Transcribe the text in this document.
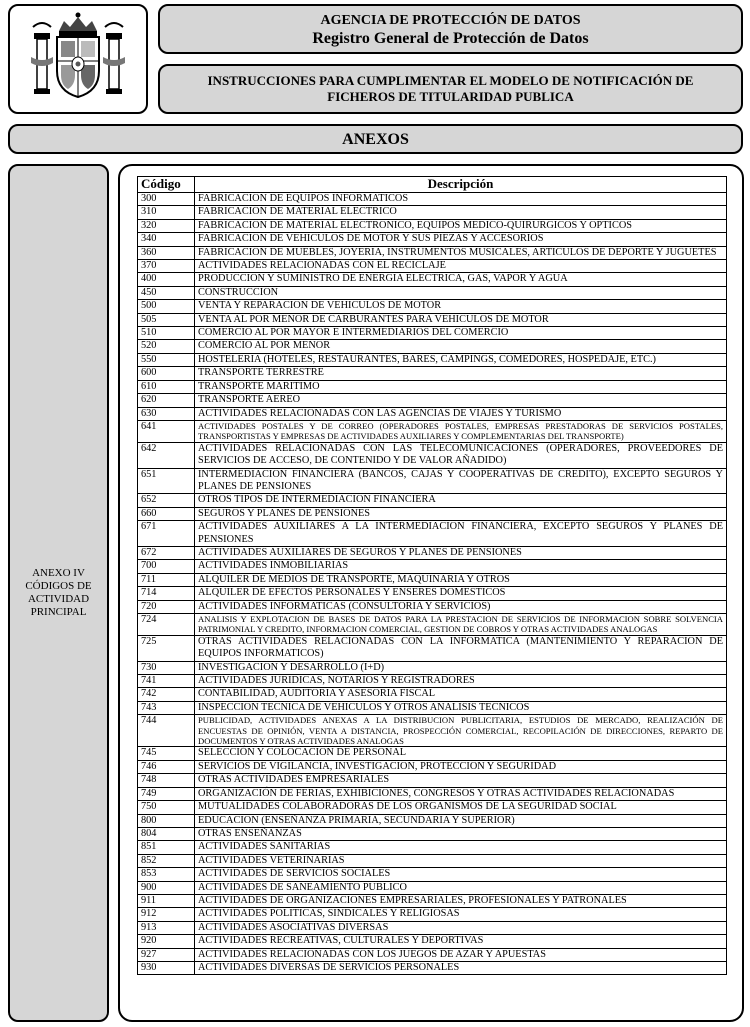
AGENCIA DE PROTECCIÓN DE DATOS
Registro General de Protección de Datos
INSTRUCCIONES PARA CUMPLIMENTAR EL MODELO DE NOTIFICACIÓN DE
FICHEROS DE TITULARIDAD PUBLICA
ANEXOS
ANEXO IV
CÓDIGOS DE
ACTIVIDAD
PRINCIPAL
Código	Descripción
300	FABRICACION DE EQUIPOS INFORMATICOS
310	FABRICACION DE MATERIAL ELECTRICO
320	FABRICACION DE MATERIAL ELECTRONICO, EQUIPOS MEDICO-QUIRURGICOS Y OPTICOS
340	FABRICACION DE VEHICULOS DE MOTOR Y SUS PIEZAS Y ACCESORIOS
360	FABRICACION DE MUEBLES, JOYERIA, INSTRUMENTOS MUSICALES, ARTICULOS DE DEPORTE Y JUGUETES
370	ACTIVIDADES RELACIONADAS CON EL RECICLAJE
400	PRODUCCION Y SUMINISTRO DE ENERGIA ELECTRICA, GAS, VAPOR Y AGUA
450	CONSTRUCCION
500	VENTA Y REPARACION DE VEHICULOS DE MOTOR
505	VENTA AL POR MENOR DE CARBURANTES PARA VEHICULOS DE MOTOR
510	COMERCIO AL POR MAYOR E INTERMEDIARIOS DEL COMERCIO
520	COMERCIO AL POR MENOR
550	HOSTELERIA (HOTELES, RESTAURANTES, BARES, CAMPINGS, COMEDORES, HOSPEDAJE, ETC.)
600	TRANSPORTE TERRESTRE
610	TRANSPORTE MARITIMO
620	TRANSPORTE AEREO
630	ACTIVIDADES RELACIONADAS CON LAS AGENCIAS DE VIAJES Y TURISMO
641	ACTIVIDADES POSTALES Y DE CORREO (OPERADORES POSTALES, EMPRESAS PRESTADORAS DE SERVICIOS POSTALES, TRANSPORTISTAS Y EMPRESAS DE ACTIVIDADES AUXILIARES Y COMPLEMENTARIAS DEL TRANSPORTE)
642	ACTIVIDADES RELACIONADAS CON LAS TELECOMUNICACIONES (OPERADORES, PROVEEDORES DE SERVICIOS DE ACCESO, DE CONTENIDO Y DE VALOR AÑADIDO)
651	INTERMEDIACION FINANCIERA (BANCOS, CAJAS Y COOPERATIVAS DE CREDITO), EXCEPTO SEGUROS Y PLANES DE PENSIONES
652	OTROS TIPOS DE INTERMEDIACION FINANCIERA
660	SEGUROS Y PLANES DE PENSIONES
671	ACTIVIDADES AUXILIARES A LA INTERMEDIACION FINANCIERA, EXCEPTO SEGUROS Y PLANES DE PENSIONES
672	ACTIVIDADES AUXILIARES DE SEGUROS Y PLANES DE PENSIONES
700	ACTIVIDADES INMOBILIARIAS
711	ALQUILER DE MEDIOS DE TRANSPORTE, MAQUINARIA Y OTROS
714	ALQUILER DE EFECTOS PERSONALES Y ENSERES DOMESTICOS
720	ACTIVIDADES INFORMATICAS (CONSULTORIA Y SERVICIOS)
724	ANALISIS Y EXPLOTACION DE BASES DE DATOS PARA LA PRESTACION DE SERVICIOS DE INFORMACION SOBRE SOLVENCIA PATRIMONIAL Y CREDITO, INFORMACION COMERCIAL, GESTION DE COBROS Y OTRAS ACTIVIDADES ANALOGAS
725	OTRAS ACTIVIDADES RELACIONADAS CON LA INFORMATICA (MANTENIMIENTO Y REPARACION DE EQUIPOS INFORMATICOS)
730	INVESTIGACION Y DESARROLLO (I+D)
741	ACTIVIDADES JURIDICAS, NOTARIOS Y REGISTRADORES
742	CONTABILIDAD, AUDITORIA Y ASESORIA FISCAL
743	INSPECCION TECNICA DE VEHICULOS Y OTROS ANALISIS TECNICOS
744	PUBLICIDAD, ACTIVIDADES ANEXAS A LA DISTRIBUCION PUBLICITARIA, ESTUDIOS DE MERCADO, REALIZACIÓN DE ENCUESTAS DE OPINIÓN, VENTA A DISTANCIA, PROSPECCIÓN COMERCIAL, RECOPILACIÓN DE DIRECCIONES, REPARTO DE DOCUMENTOS Y OTRAS ACTIVIDADES ANALOGAS
745	SELECCIÓN Y COLOCACION DE PERSONAL
746	SERVICIOS DE VIGILANCIA, INVESTIGACION, PROTECCION Y SEGURIDAD
748	OTRAS ACTIVIDADES EMPRESARIALES
749	ORGANIZACIÓN DE FERIAS, EXHIBICIONES, CONGRESOS Y OTRAS ACTIVIDADES RELACIONADAS
750	MUTUALIDADES COLABORADORAS DE LOS ORGANISMOS DE LA SEGURIDAD SOCIAL
800	EDUCACION (ENSEÑANZA PRIMARIA, SECUNDARIA Y SUPERIOR)
804	OTRAS ENSEÑANZAS
851	ACTIVIDADES SANITARIAS
852	ACTIVIDADES VETERINARIAS
853	ACTIVIDADES DE SERVICIOS SOCIALES
900	ACTIVIDADES DE SANEAMIENTO PUBLICO
911	ACTIVIDADES DE ORGANIZACIONES EMPRESARIALES, PROFESIONALES Y PATRONALES
912	ACTIVIDADES POLITICAS, SINDICALES Y RELIGIOSAS
913	ACTIVIDADES ASOCIATIVAS DIVERSAS
920	ACTIVIDADES RECREATIVAS, CULTURALES Y DEPORTIVAS
927	ACTIVIDADES RELACIONADAS CON LOS JUEGOS DE AZAR Y APUESTAS
930	ACTIVIDADES DIVERSAS DE SERVICIOS PERSONALES
